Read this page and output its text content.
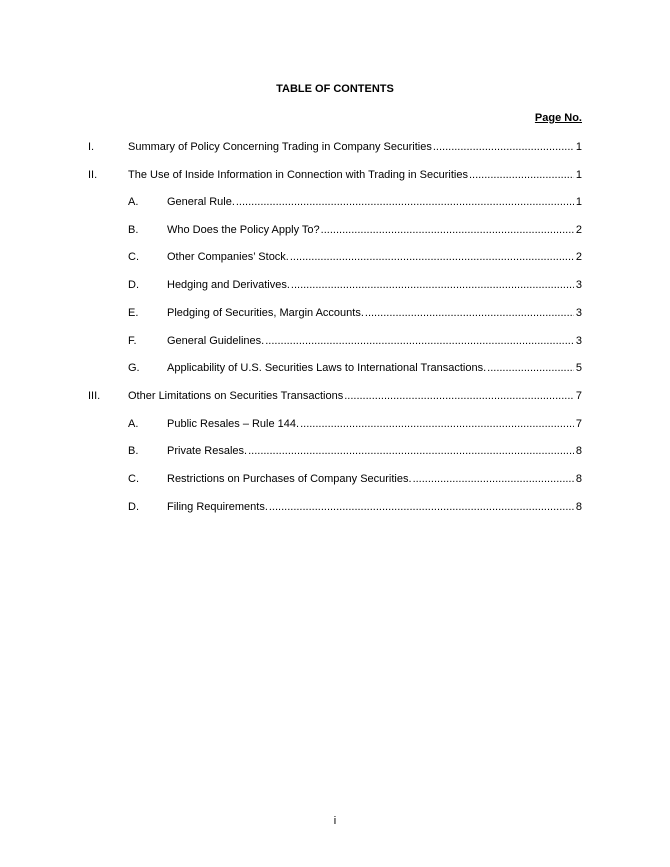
TABLE OF CONTENTS
Page No.
I.	Summary of Policy Concerning Trading in Company Securities .....	1
II.	The Use of Inside Information in Connection with Trading in Securities .....	1
A.	General Rule. .....	1
B.	Who Does the Policy Apply To? .....	2
C.	Other Companies’ Stock. .....	2
D.	Hedging and Derivatives. .....	3
E.	Pledging of Securities, Margin Accounts. .....	3
F.	General Guidelines. .....	3
G. Applicability of U.S. Securities Laws to International Transactions. .....	5
III.	Other Limitations on Securities Transactions .....	7
A.	Public Resales – Rule 144. .....	7
B.	Private Resales. .....	8
C.	Restrictions on Purchases of Company Securities. .....	8
D.	Filing Requirements. .....	8
i
